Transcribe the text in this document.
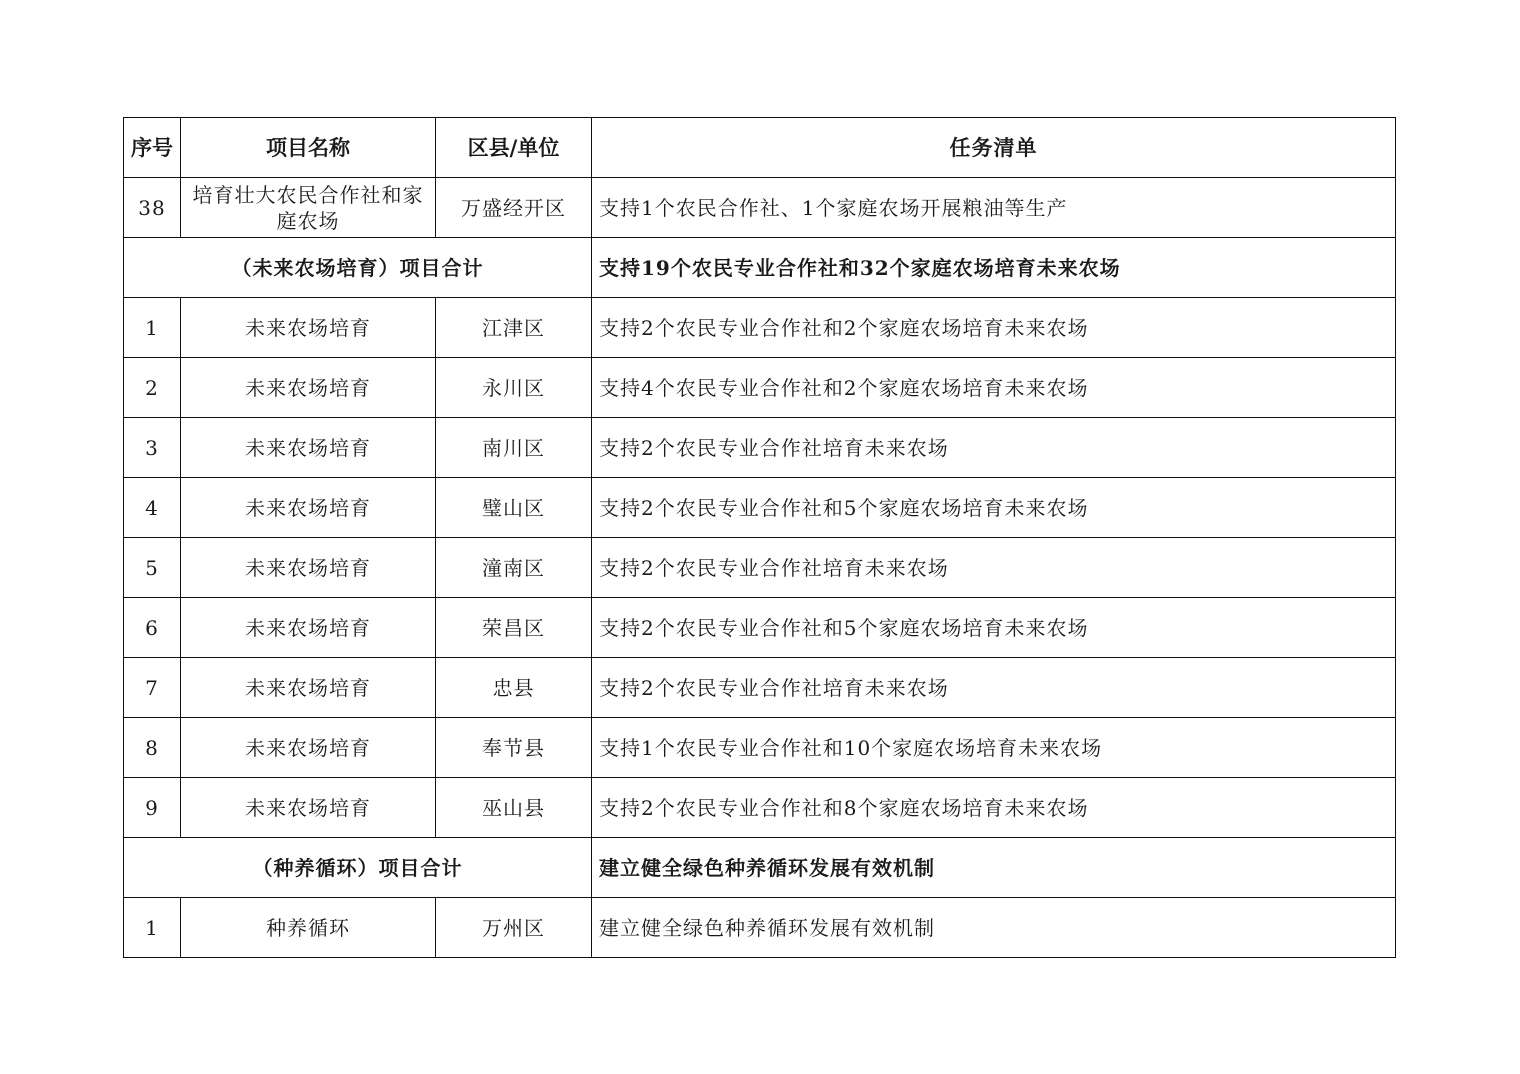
序号	项目名称	区县/单位	任务清单
38	培育壮大农民合作社和家庭农场	万盛经开区	支持1个农民合作社、1个家庭农场开展粮油等生产
（未来农场培育）项目合计			支持19个农民专业合作社和32个家庭农场培育未来农场
1	未来农场培育	江津区	支持2个农民专业合作社和2个家庭农场培育未来农场
2	未来农场培育	永川区	支持4个农民专业合作社和2个家庭农场培育未来农场
3	未来农场培育	南川区	支持2个农民专业合作社培育未来农场
4	未来农场培育	璧山区	支持2个农民专业合作社和5个家庭农场培育未来农场
5	未来农场培育	潼南区	支持2个农民专业合作社培育未来农场
6	未来农场培育	荣昌区	支持2个农民专业合作社和5个家庭农场培育未来农场
7	未来农场培育	忠县	支持2个农民专业合作社培育未来农场
8	未来农场培育	奉节县	支持1个农民专业合作社和10个家庭农场培育未来农场
9	未来农场培育	巫山县	支持2个农民专业合作社和8个家庭农场培育未来农场
（种养循环）项目合计			建立健全绿色种养循环发展有效机制
1	种养循环	万州区	建立健全绿色种养循环发展有效机制
